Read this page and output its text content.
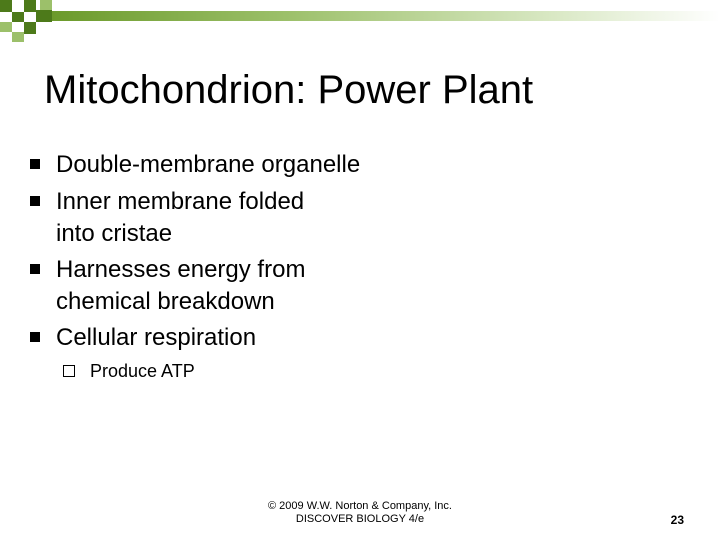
Mitochondrion: Power Plant
Double‑membrane organelle
Inner membrane folded
into cristae
Harnesses energy from
chemical breakdown
Cellular respiration
Produce ATP
© 2009 W.W. Norton & Company, Inc.
DISCOVER BIOLOGY 4/e	23
